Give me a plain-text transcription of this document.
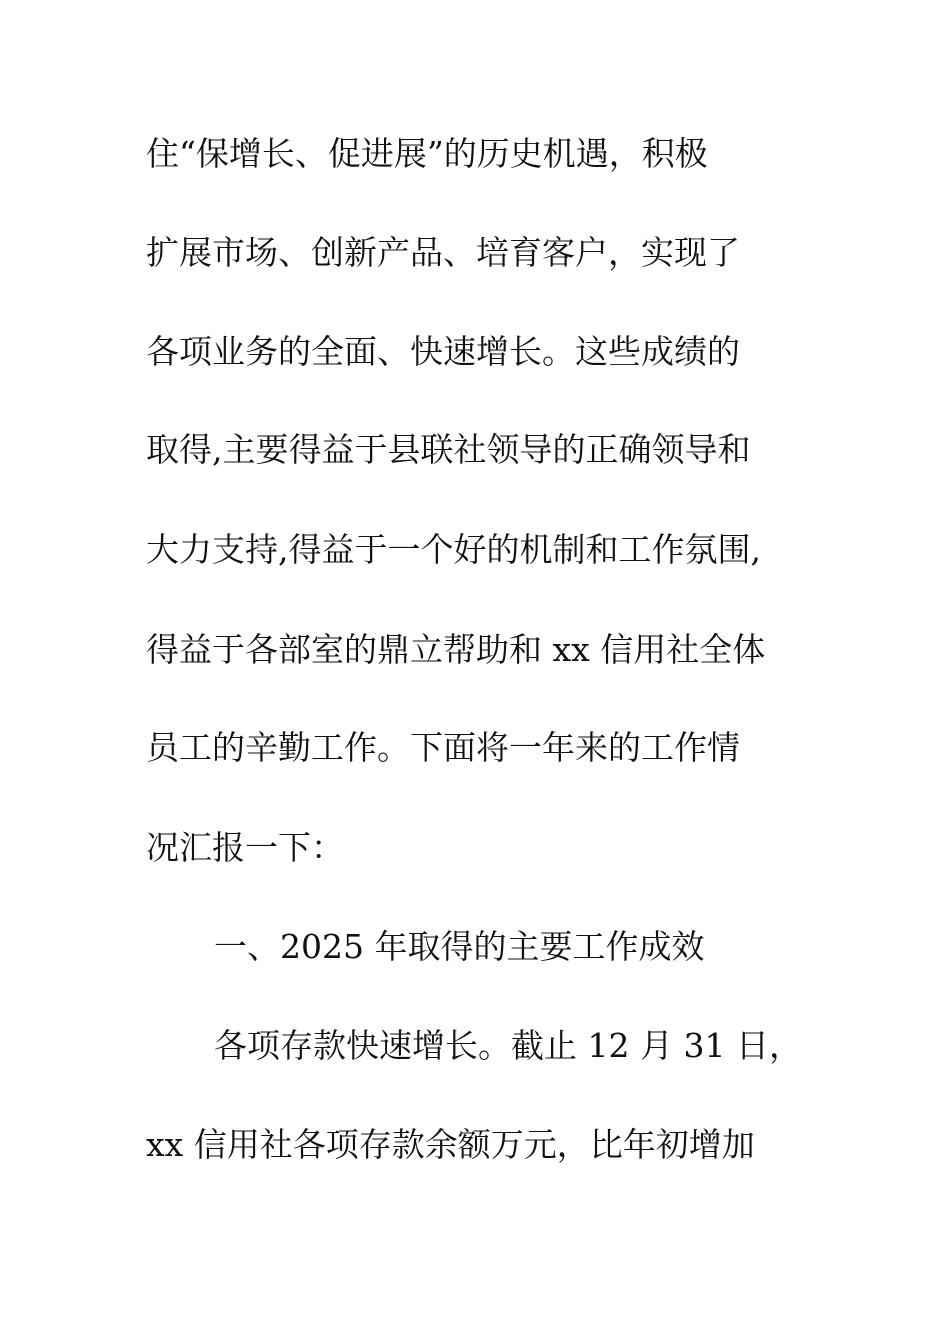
住“保增长、促进展”的历史机遇，积极
扩展市场、创新产品、培育客户，实现了
各项业务的全面、快速增长。这些成绩的
取得,主要得益于县联社领导的正确领导和
大力支持,得益于一个好的机制和工作氛围,
得益于各部室的鼎立帮助和 xx 信用社全体
员工的辛勤工作。下面将一年来的工作情
况汇报一下：
一、2025 年取得的主要工作成效
各项存款快速增长。截止 12 月 31 日，
xx 信用社各项存款余额万元，比年初增加
